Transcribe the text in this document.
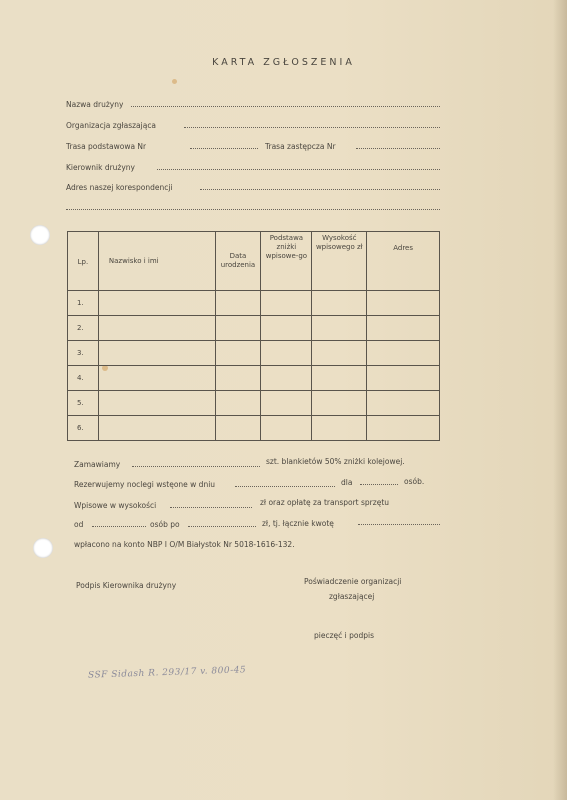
KARTA ZGŁOSZENIA
Nazwa drużyny
Organizacja zgłaszająca
Trasa podstawowa Nr	Trasa zastępcza Nr
Kierownik drużyny
Adres naszej korespondencji
Lp.	Nazwisko i imi	Data urodzenia	Podstawa zniżki wpisowe-go	Wysokość wpisowego zł	Adres
1.					
2.					
3.					
4.					
5.					
6.					
Zamawiamy	szt. blankietów 50% zniżki kolejowej.
Rezerwujemy noclegi wstęone w dniu	dla	osób.
Wpisowe w wysokości	zł oraz opłatę za transport sprzętu
od	osób po	zł, tj. łącznie kwotę
wpłacono na konto NBP I O/M Białystok Nr 5018-1616-132.
Podpis Kierownika drużyny	Poświadczenie organizacji
zgłaszającej
pieczęć i podpis
SSF Sidash R. 293/17 v. 800-45
